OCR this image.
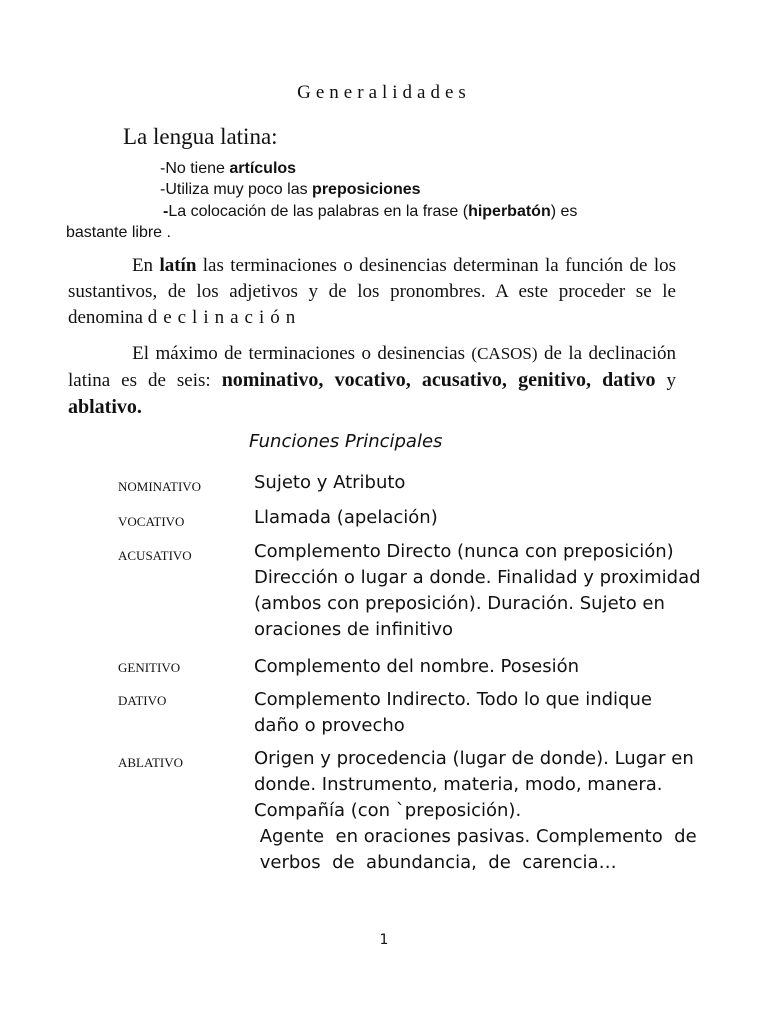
Generalidades
La lengua latina:
-No tiene artículos
-Utiliza muy poco las preposiciones
-La colocación de las palabras en la frase (hiperbatón) es
bastante libre .
En latín las terminaciones o desinencias determinan la función de los sustantivos, de los adjetivos y de los pronombres. A este proceder se le denomina declinación
El máximo de terminaciones o desinencias (CASOS) de la declinación latina es de seis: nominativo, vocativo, acusativo, genitivo, dativo y ablativo.
Funciones Principales
NOMINATIVO	Sujeto y Atributo
VOCATIVO	Llamada (apelación)
ACUSATIVO	Complemento Directo (nunca con preposición)
Dirección o lugar a donde. Finalidad y proximidad
(ambos con preposición). Duración. Sujeto en
oraciones de infinitivo
GENITIVO	Complemento del nombre. Posesión
DATIVO	Complemento Indirecto. Todo lo que indique
daño o provecho
ABLATIVO	Origen y procedencia (lugar de donde). Lugar en
donde. Instrumento, materia, modo, manera.
Compañía (con `preposición).
Agente  en oraciones pasivas. Complemento  de
verbos  de  abundancia,  de  carencia…
1
